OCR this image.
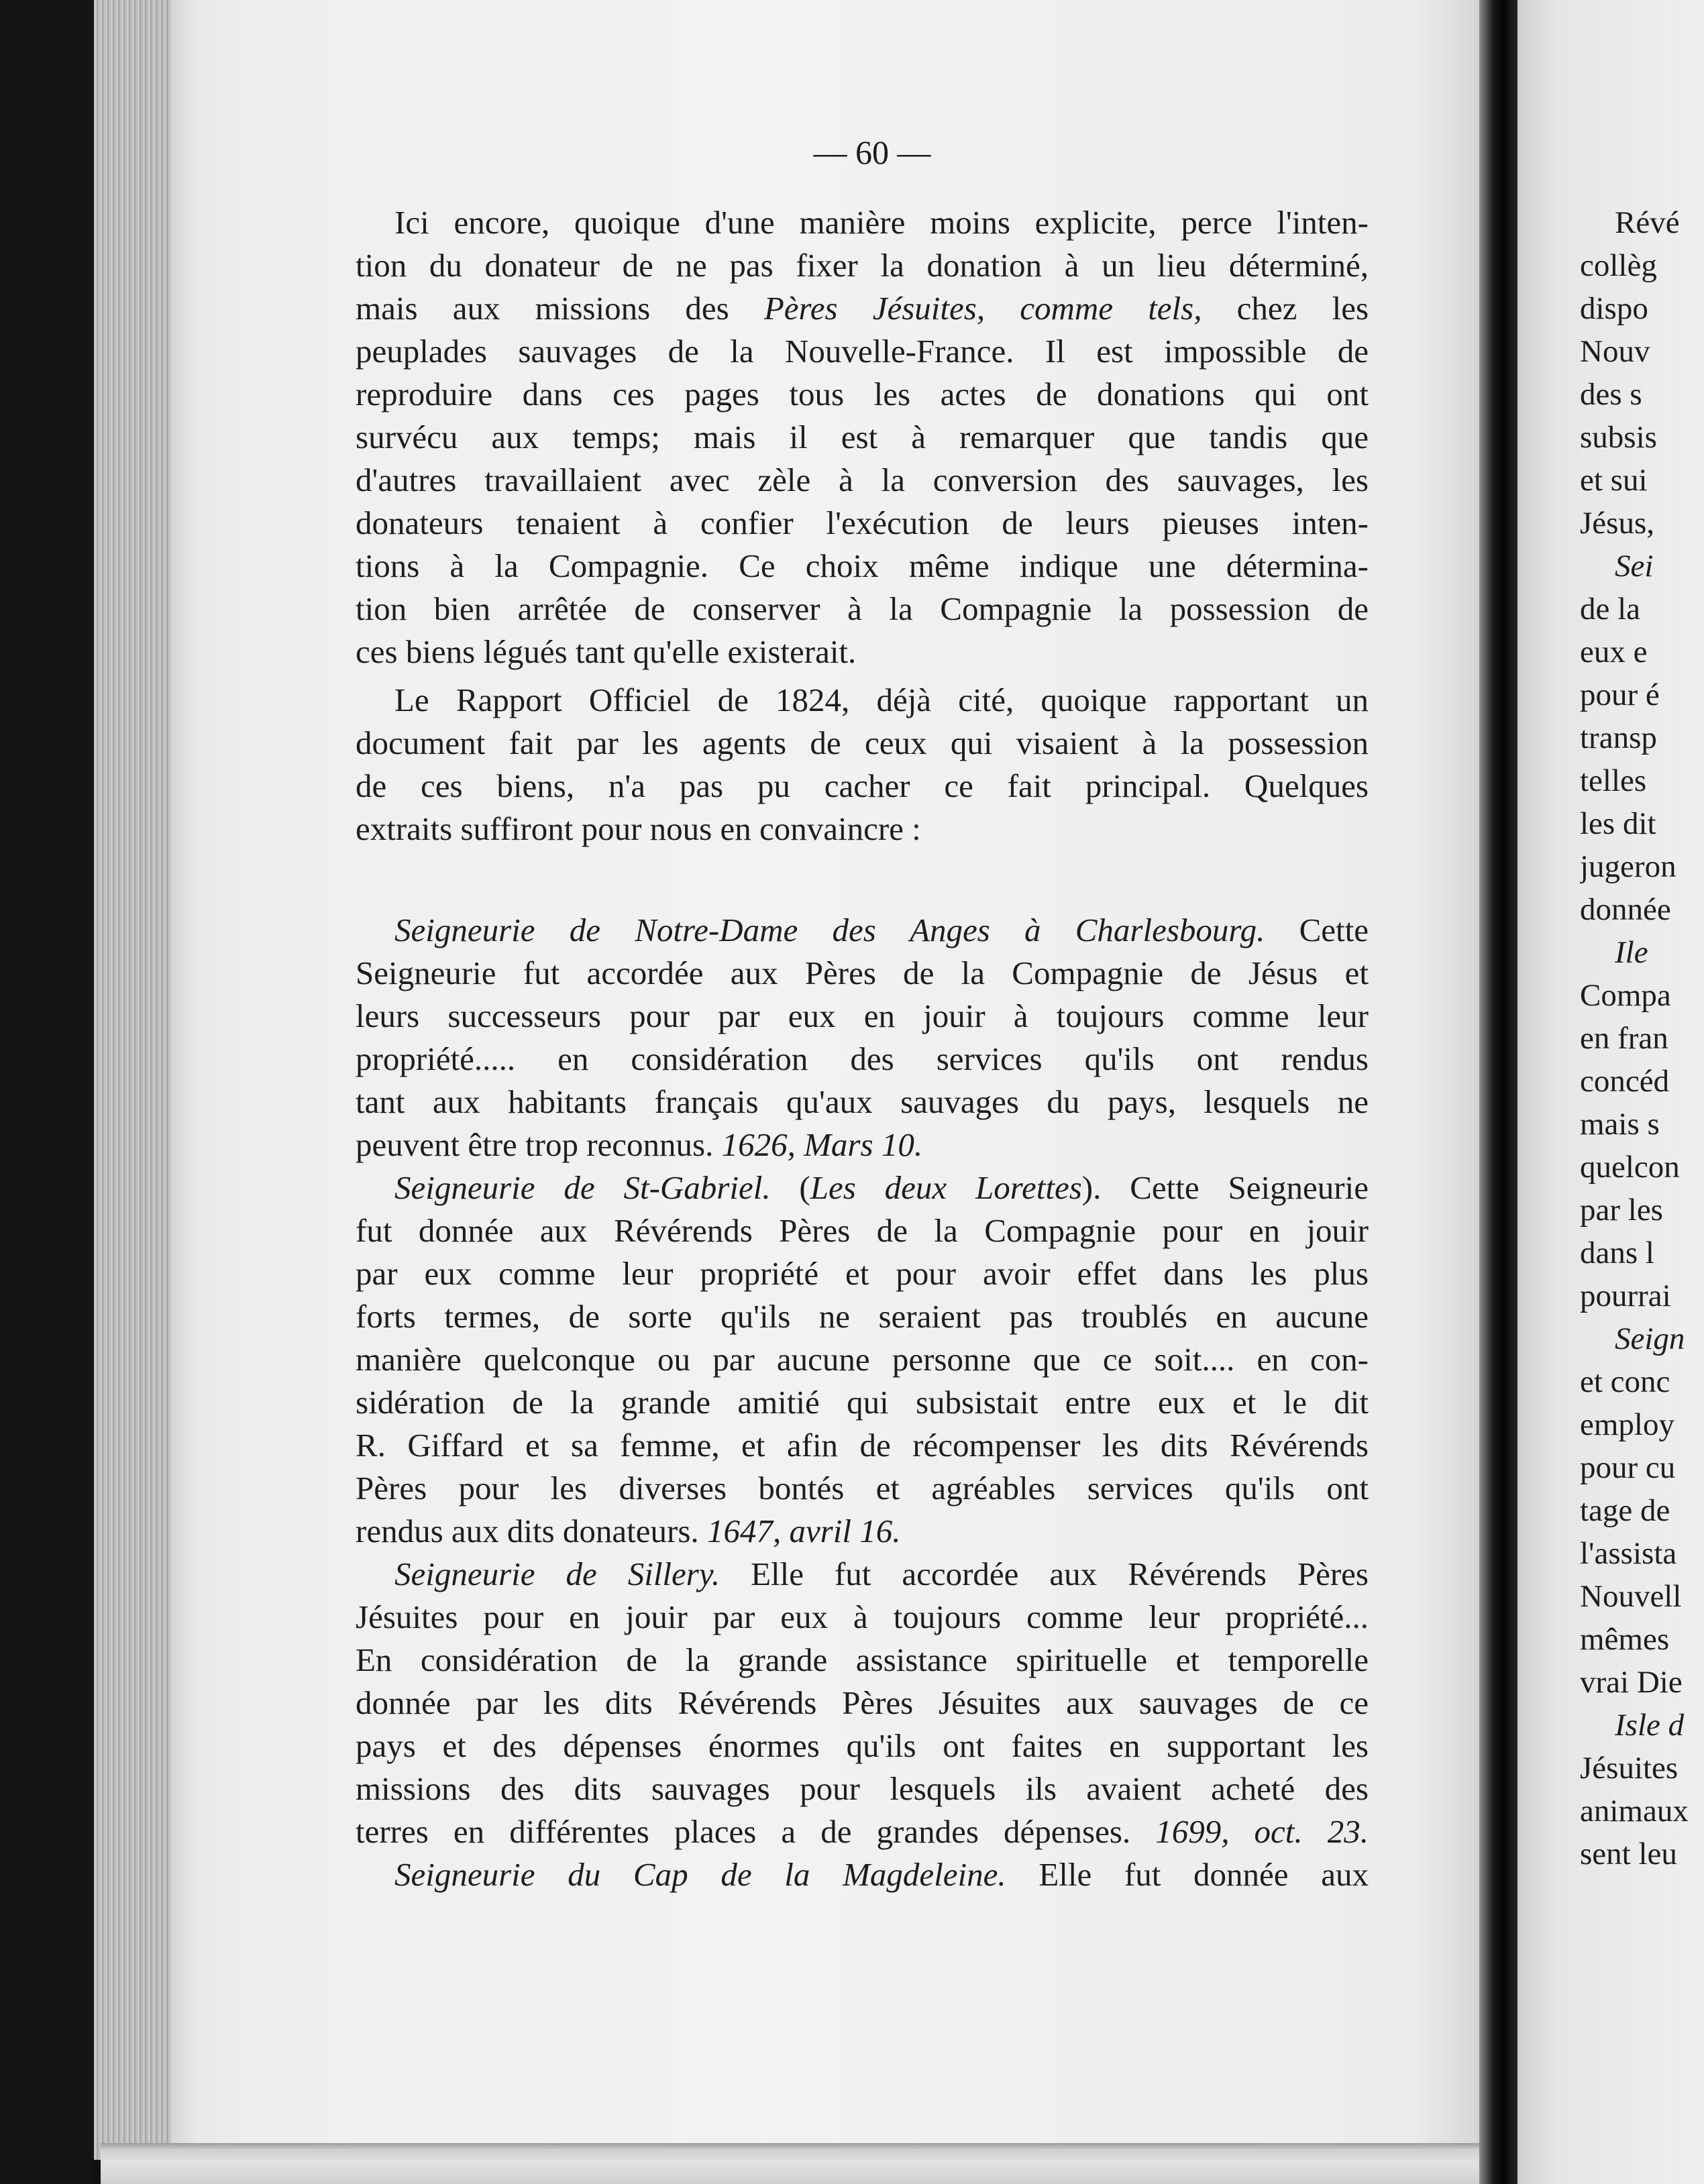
— 60 —
Ici encore, quoique d'une manière moins explicite, perce l'inten-
tion du donateur de ne pas fixer la donation à un lieu déterminé,
mais aux missions des Pères Jésuites, comme tels, chez les
peuplades sauvages de la Nouvelle-France. Il est impossible de
reproduire dans ces pages tous les actes de donations qui ont
survécu aux temps; mais il est à remarquer que tandis que
d'autres travaillaient avec zèle à la conversion des sauvages, les
donateurs tenaient à confier l'exécution de leurs pieuses inten-
tions à la Compagnie. Ce choix même indique une détermina-
tion bien arrêtée de conserver à la Compagnie la possession de
ces biens légués tant qu'elle existerait.
Le Rapport Officiel de 1824, déjà cité, quoique rapportant un
document fait par les agents de ceux qui visaient à la possession
de ces biens, n'a pas pu cacher ce fait principal. Quelques
extraits suffiront pour nous en convaincre :
Seigneurie de Notre-Dame des Anges à Charlesbourg. Cette
Seigneurie fut accordée aux Pères de la Compagnie de Jésus et
leurs successeurs pour par eux en jouir à toujours comme leur
propriété..... en considération des services qu'ils ont rendus
tant aux habitants français qu'aux sauvages du pays, lesquels ne
peuvent être trop reconnus. 1626, Mars 10.
Seigneurie de St-Gabriel. (Les deux Lorettes). Cette Seigneurie
fut donnée aux Révérends Pères de la Compagnie pour en jouir
par eux comme leur propriété et pour avoir effet dans les plus
forts termes, de sorte qu'ils ne seraient pas troublés en aucune
manière quelconque ou par aucune personne que ce soit.... en con-
sidération de la grande amitié qui subsistait entre eux et le dit
R. Giffard et sa femme, et afin de récompenser les dits Révérends
Pères pour les diverses bontés et agréables services qu'ils ont
rendus aux dits donateurs. 1647, avril 16.
Seigneurie de Sillery. Elle fut accordée aux Révérends Pères
Jésuites pour en jouir par eux à toujours comme leur propriété...
En considération de la grande assistance spirituelle et temporelle
donnée par les dits Révérends Pères Jésuites aux sauvages de ce
pays et des dépenses énormes qu'ils ont faites en supportant les
missions des dits sauvages pour lesquels ils avaient acheté des
terres en différentes places a de grandes dépenses. 1699, oct. 23.
Seigneurie du Cap de la Magdeleine. Elle fut donnée aux
Révé
collèg
dispo
Nouv
des s
subsis
et sui
Jésus,
Sei
de la
eux e
pour é
transp
telles
les dit
jugeron
donnée
Ile
Compa
en fran
concéd
mais s
quelcon
par les
dans l
pourrai
Seign
et conc
employ
pour cu
tage de
l'assista
Nouvell
mêmes
vrai Die
Isle d
Jésuites
animaux
sent leu
